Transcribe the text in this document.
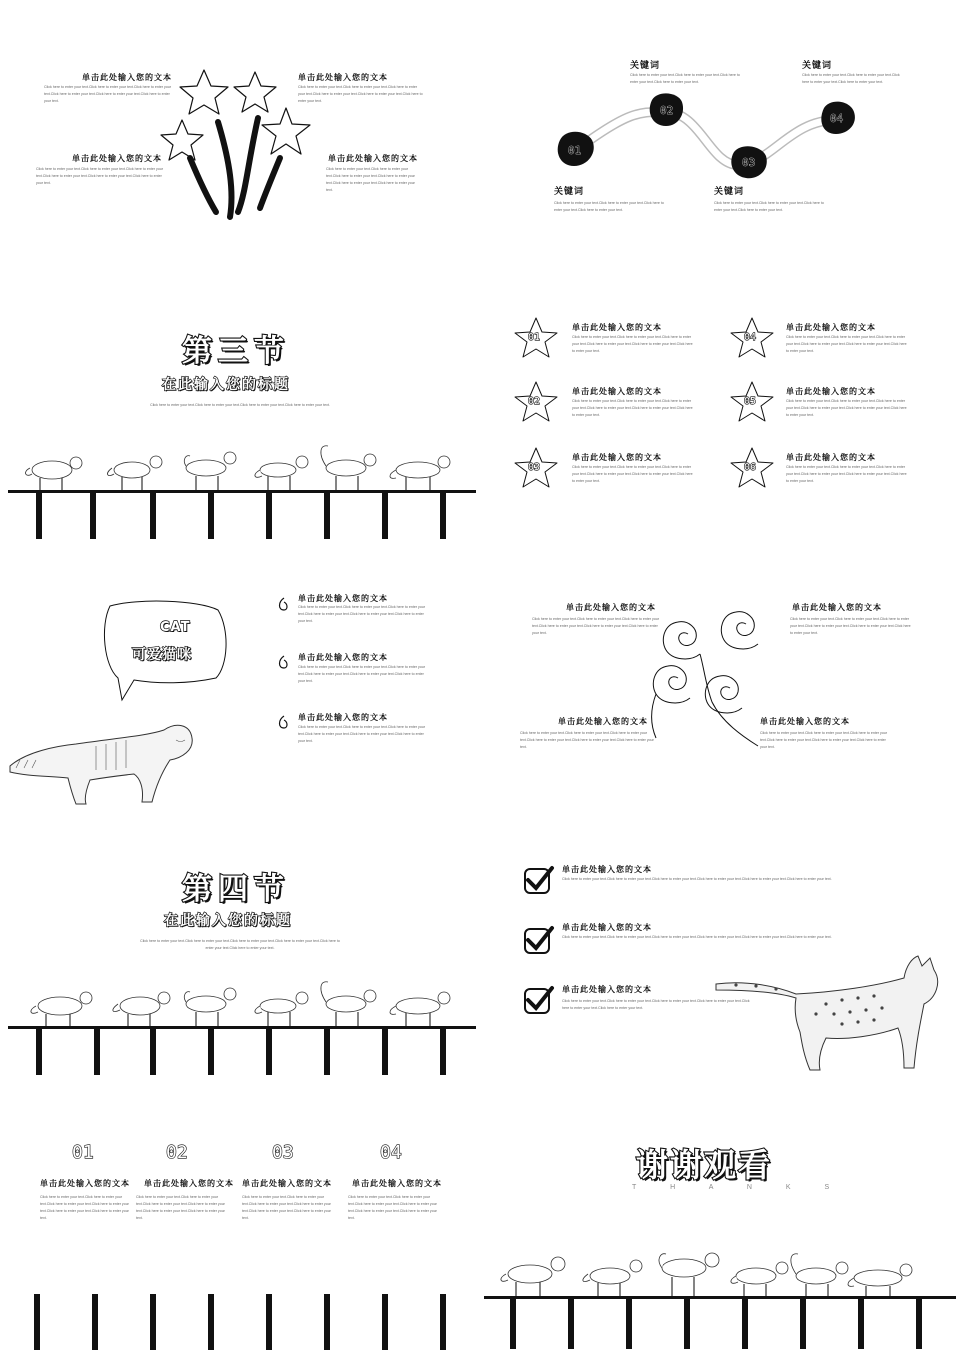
单击此处输入您的文本
Click here to enter your text.Click here to enter your text.Click here to enter your text.Click here to enter your text.Click here to enter your text.Click here to enter your text.
单击此处输入您的文本
Click here to enter your text.Click here to enter your text.Click here to enter your text.Click here to enter your text.Click here to enter your text.Click here to enter your text.
单击此处输入您的文本
Click here to enter your text.Click here to enter your text.Click here to enter your text.Click here to enter your text.Click here to enter your text.Click here to enter your text.
单击此处输入您的文本
Click here to enter your text.Click here to enter your text.Click here to enter your text.Click here to enter your text.Click here to enter your text.Click here to enter your text.
01
02
03
04
关键词
Click here to enter your text.Click here to enter your text.Click here to enter your text.Click here to enter your text.
关键词
Click here to enter your text.Click here to enter your text.Click here to enter your text.Click here to enter your text.
关键词
Click here to enter your text.Click here to enter your text.Click here to enter your text.Click here to enter your text.
关键词
Click here to enter your text.Click here to enter your text.Click here to enter your text.Click here to enter your text.
第三节
在此输入您的标题
Click here to enter your text.Click here to enter your text.Click here to enter your text.Click here to enter your text.
01
02
03
04
05
06
单击此处输入您的文本
Click here to enter your text.Click here to enter your text.Click here to enter your text.Click here to enter your text.Click here to enter your text.Click here to enter your text.
单击此处输入您的文本
Click here to enter your text.Click here to enter your text.Click here to enter your text.Click here to enter your text.Click here to enter your text.Click here to enter your text.
单击此处输入您的文本
Click here to enter your text.Click here to enter your text.Click here to enter your text.Click here to enter your text.Click here to enter your text.Click here to enter your text.
单击此处输入您的文本
Click here to enter your text.Click here to enter your text.Click here to enter your text.Click here to enter your text.Click here to enter your text.Click here to enter your text.
单击此处输入您的文本
Click here to enter your text.Click here to enter your text.Click here to enter your text.Click here to enter your text.Click here to enter your text.Click here to enter your text.
单击此处输入您的文本
Click here to enter your text.Click here to enter your text.Click here to enter your text.Click here to enter your text.Click here to enter your text.Click here to enter your text.
CAT
可爱猫咪
单击此处输入您的文本
Click here to enter your text.Click here to enter your text.Click here to enter your text.Click here to enter your text.Click here to enter your text.Click here to enter your text.
单击此处输入您的文本
Click here to enter your text.Click here to enter your text.Click here to enter your text.Click here to enter your text.Click here to enter your text.Click here to enter your text.
单击此处输入您的文本
Click here to enter your text.Click here to enter your text.Click here to enter your text.Click here to enter your text.Click here to enter your text.Click here to enter your text.
单击此处输入您的文本
Click here to enter your text.Click here to enter your text.Click here to enter your text.Click here to enter your text.Click here to enter your text.Click here to enter your text.
单击此处输入您的文本
Click here to enter your text.Click here to enter your text.Click here to enter your text.Click here to enter your text.Click here to enter your text.Click here to enter your text.
单击此处输入您的文本
Click here to enter your text.Click here to enter your text.Click here to enter your text.Click here to enter your text.Click here to enter your text.Click here to enter your text.
单击此处输入您的文本
Click here to enter your text.Click here to enter your text.Click here to enter your text.Click here to enter your text.Click here to enter your text.Click here to enter your text.
第四节
在此输入您的标题
Click here to enter your text.Click here to enter your text.Click here to enter your text.Click here to enter your text.Click here to enter your text.Click here to enter your text.
单击此处输入您的文本
Click here to enter your text.Click here to enter your text.Click here to enter your text.Click here to enter your text.Click here to enter your text.Click here to enter your text.
单击此处输入您的文本
Click here to enter your text.Click here to enter your text.Click here to enter your text.Click here to enter your text.Click here to enter your text.Click here to enter your text.
单击此处输入您的文本
Click here to enter your text.Click here to enter your text.Click here to enter your text.Click here to enter your text.Click here to enter your text.Click here to enter your text.
01	02	03	04
单击此处输入您的文本
Click here to enter your text.Click here to enter your text.Click here to enter your text.Click here to enter your text.Click here to enter your text.Click here to enter your text.
单击此处输入您的文本
Click here to enter your text.Click here to enter your text.Click here to enter your text.Click here to enter your text.Click here to enter your text.Click here to enter your text.
单击此处输入您的文本
Click here to enter your text.Click here to enter your text.Click here to enter your text.Click here to enter your text.Click here to enter your text.Click here to enter your text.
单击此处输入您的文本
Click here to enter your text.Click here to enter your text.Click here to enter your text.Click here to enter your text.Click here to enter your text.Click here to enter your text.
谢谢观看
T H A N K S
